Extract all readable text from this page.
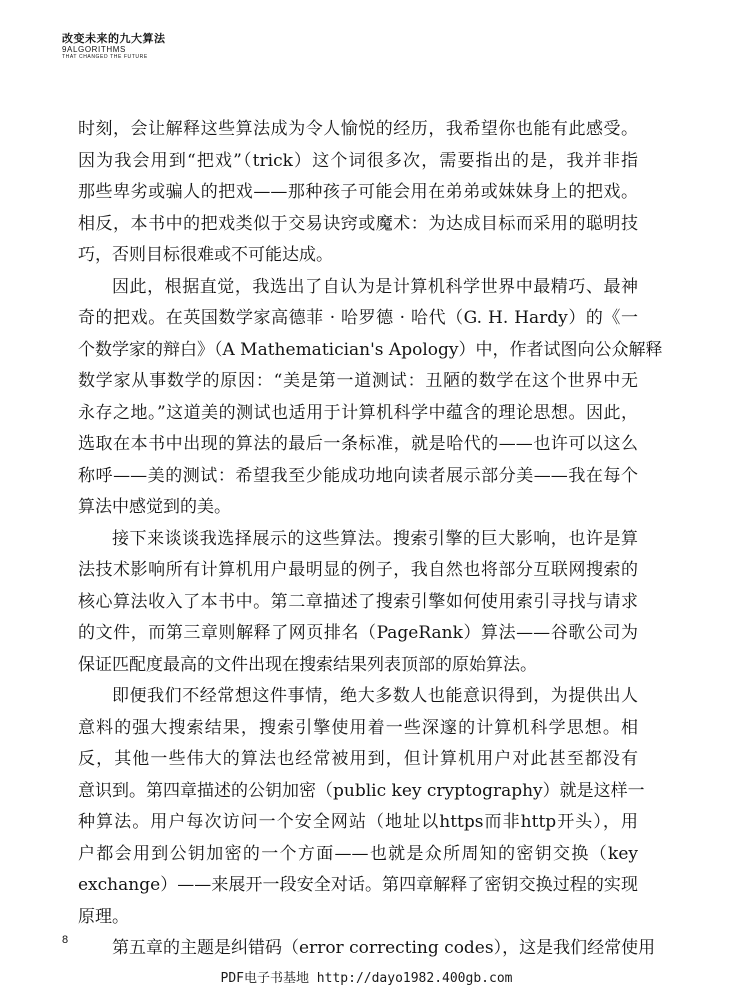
改变未来的九大算法
9ALGORITHMS
THAT CHANGED THE FUTURE
时刻，会让解释这些算法成为令人愉悦的经历，我希望你也能有此感受。
因为我会用到“把戏”（trick）这个词很多次，需要指出的是，我并非指
那些卑劣或骗人的把戏——那种孩子可能会用在弟弟或妹妹身上的把戏。
相反，本书中的把戏类似于交易诀窍或魔术：为达成目标而采用的聪明技
巧，否则目标很难或不可能达成。
因此，根据直觉，我选出了自认为是计算机科学世界中最精巧、最神
奇的把戏。在英国数学家高德菲 · 哈罗德 · 哈代（G. H. Hardy）的《一
个数学家的辩白》（A Mathematician's Apology）中，作者试图向公众解释
数学家从事数学的原因：“美是第一道测试：丑陋的数学在这个世界中无
永存之地。”这道美的测试也适用于计算机科学中蕴含的理论思想。因此，
选取在本书中出现的算法的最后一条标准，就是哈代的——也许可以这么
称呼——美的测试：希望我至少能成功地向读者展示部分美——我在每个
算法中感觉到的美。
接下来谈谈我选择展示的这些算法。搜索引擎的巨大影响，也许是算
法技术影响所有计算机用户最明显的例子，我自然也将部分互联网搜索的
核心算法收入了本书中。第二章描述了搜索引擎如何使用索引寻找与请求
的文件，而第三章则解释了网页排名（PageRank）算法——谷歌公司为
保证匹配度最高的文件出现在搜索结果列表顶部的原始算法。
即便我们不经常想这件事情，绝大多数人也能意识得到，为提供出人
意料的强大搜索结果，搜索引擎使用着一些深邃的计算机科学思想。相
反，其他一些伟大的算法也经常被用到，但计算机用户对此甚至都没有
意识到。第四章描述的公钥加密（public key cryptography）就是这样一
种算法。用户每次访问一个安全网站（地址以https而非http开头），用
户都会用到公钥加密的一个方面——也就是众所周知的密钥交换（key
exchange）——来展开一段安全对话。第四章解释了密钥交换过程的实现
原理。
第五章的主题是纠错码（error correcting codes），这是我们经常使用
8
PDF电子书基地 http://dayo1982.400gb.com
